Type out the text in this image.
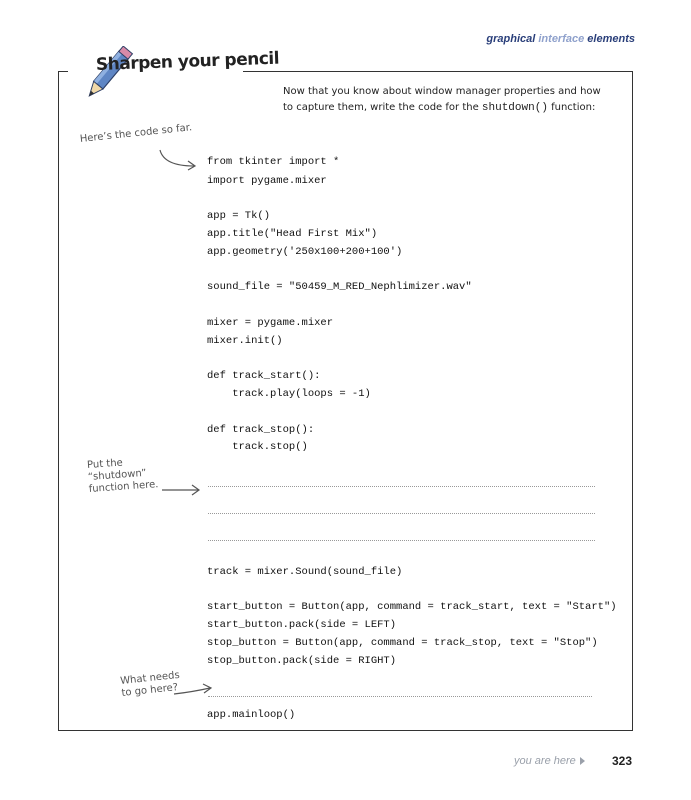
graphical interface elements
Sharpen your pencil
Now that you know about window manager properties and how to capture them, write the code for the shutdown() function:
Here’s the code so far.
Put the
“shutdown”
function here.
What needs
to go here?
from tkinter import *
import pygame.mixer
app = Tk()
app.title("Head First Mix")
app.geometry('250x100+200+100')
sound_file = "50459_M_RED_Nephlimizer.wav"
mixer = pygame.mixer
mixer.init()
def track_start():
track.play(loops = -1)
def track_stop():
track.stop()
track = mixer.Sound(sound_file)
start_button = Button(app, command = track_start, text = "Start")
start_button.pack(side = LEFT)
stop_button = Button(app, command = track_stop, text = "Stop")
stop_button.pack(side = RIGHT)
app.mainloop()
you are here	323
